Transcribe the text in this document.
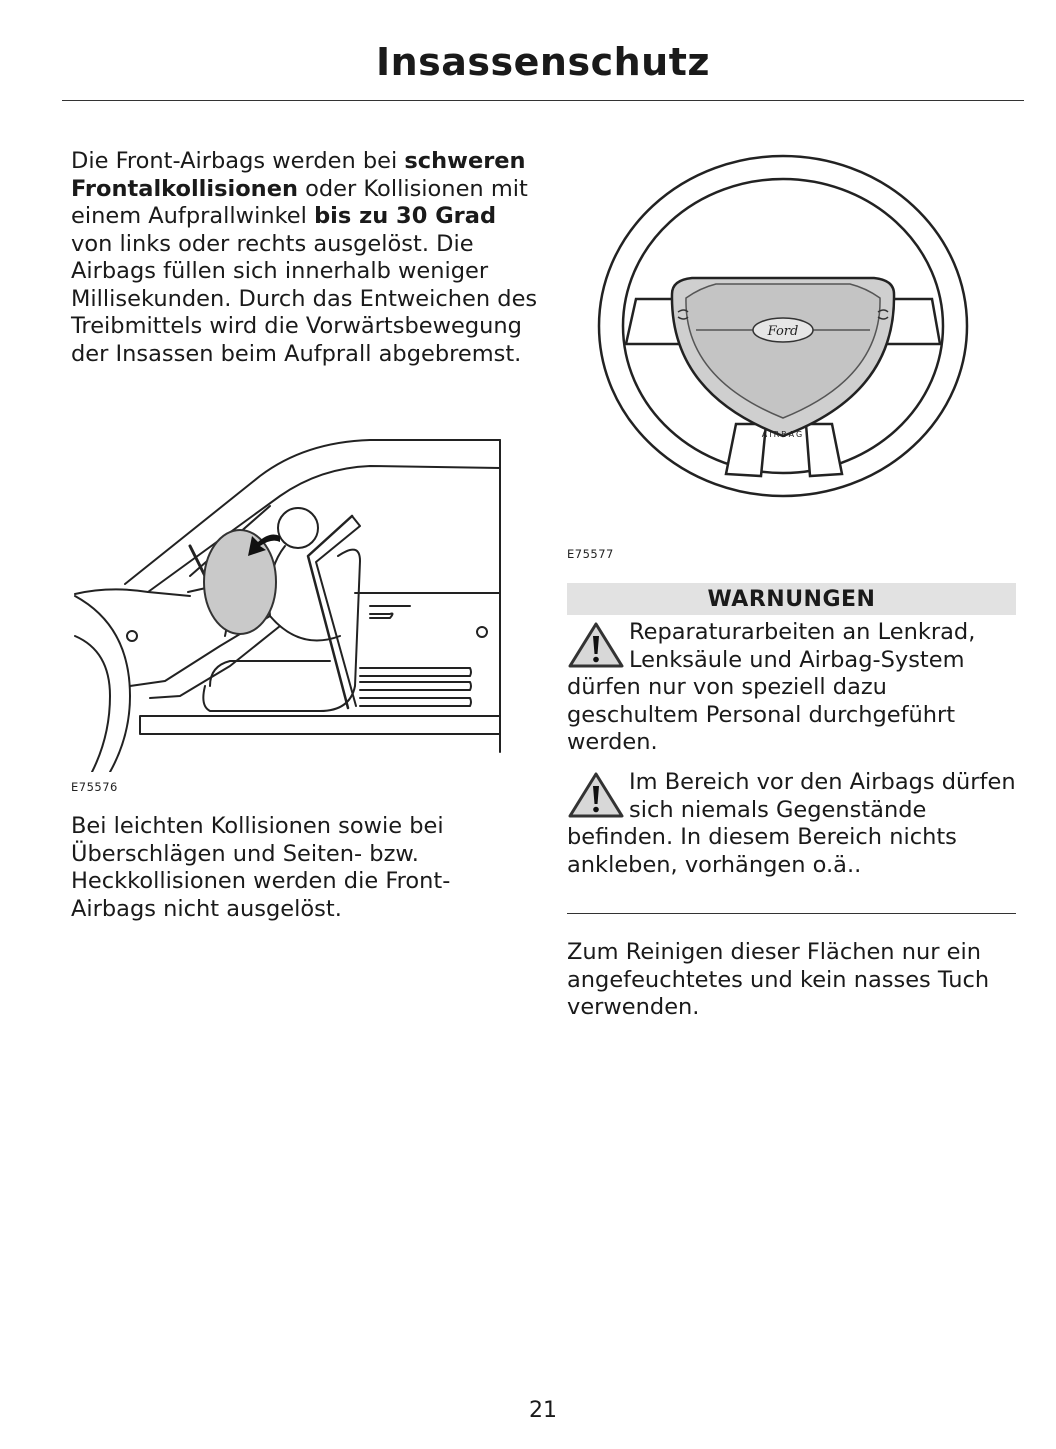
Insassenschutz
Die Front-Airbags werden bei schweren Frontalkollisionen oder Kollisionen mit einem Aufprallwinkel bis zu 30 Grad von links oder rechts ausgelöst. Die Airbags füllen sich innerhalb weniger Millisekunden. Durch das Entweichen des Treibmittels wird die Vorwärtsbewegung der Insassen beim Aufprall abgebremst.
E75576
Bei leichten Kollisionen sowie bei Überschlägen und Seiten- bzw. Heckkollisionen werden die Front-Airbags nicht ausgelöst.
Ford
AIRBAG
E75577
WARNUNGEN
Reparaturarbeiten an Lenkrad, Lenksäule und Airbag-System dürfen nur von speziell dazu geschultem Personal durchgeführt werden.
Im Bereich vor den Airbags dürfen sich niemals Gegenstände befinden. In diesem Bereich nichts ankleben, vorhängen o.ä..
Zum Reinigen dieser Flächen nur ein angefeuchtetes und kein nasses Tuch verwenden.
21
